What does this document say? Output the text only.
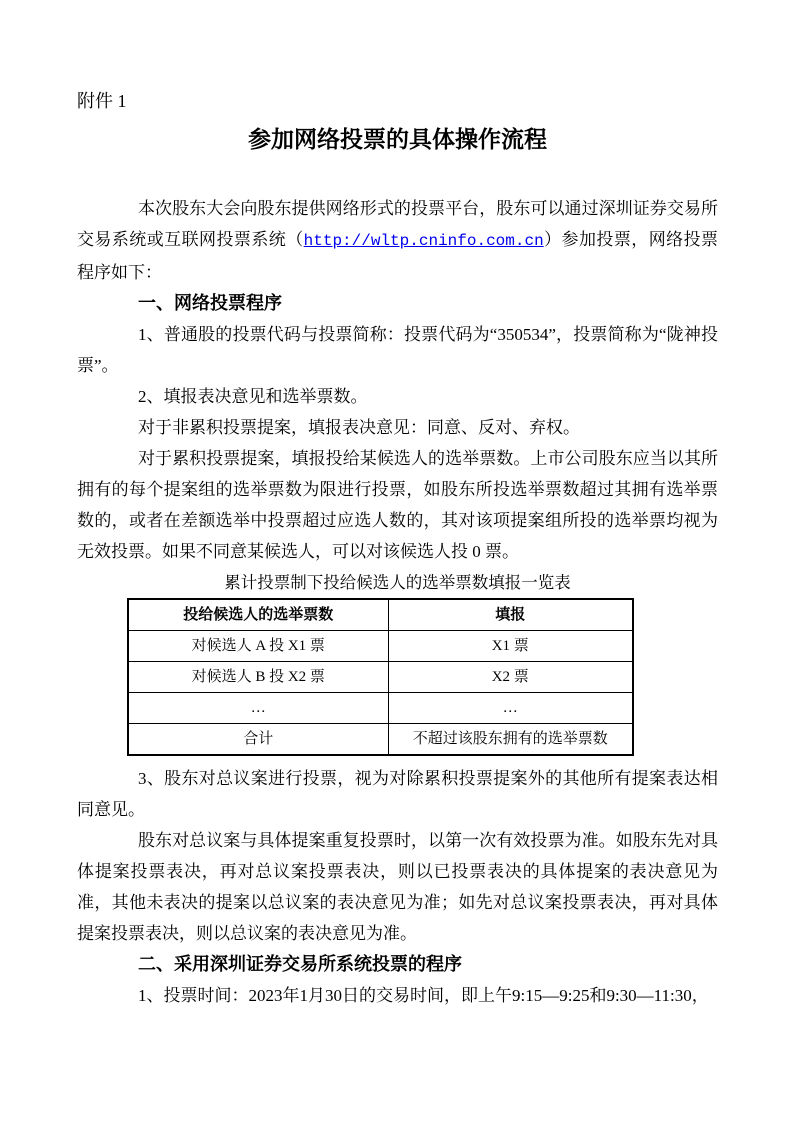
附件 1
参加网络投票的具体操作流程

本次股东大会向股东提供网络形式的投票平台，股东可以通过深圳证券交易所交易系统或互联网投票系统（http://wltp.cninfo.com.cn）参加投票，网络投票程序如下：

一、网络投票程序

1、普通股的投票代码与投票简称：投票代码为“350534”，投票简称为“陇神投票”。

2、填报表决意见和选举票数。

对于非累积投票提案，填报表决意见：同意、反对、弃权。

对于累积投票提案，填报投给某候选人的选举票数。上市公司股东应当以其所拥有的每个提案组的选举票数为限进行投票，如股东所投选举票数超过其拥有选举票数的，或者在差额选举中投票超过应选人数的，其对该项提案组所投的选举票均视为无效投票。如果不同意某候选人，可以对该候选人投 0 票。

累计投票制下投给候选人的选举票数填报一览表

投给候选人的选举票数	填报
对候选人 A 投 X1 票	X1 票
对候选人 B 投 X2 票	X2 票
…	…
合计	不超过该股东拥有的选举票数

3、股东对总议案进行投票，视为对除累积投票提案外的其他所有提案表达相同意见。

股东对总议案与具体提案重复投票时，以第一次有效投票为准。如股东先对具体提案投票表决，再对总议案投票表决，则以已投票表决的具体提案的表决意见为准，其他未表决的提案以总议案的表决意见为准；如先对总议案投票表决，再对具体提案投票表决，则以总议案的表决意见为准。

二、采用深圳证券交易所系统投票的程序

1、投票时间：2023年1月30日的交易时间，即上午9:15—9:25和9:30—11:30，
